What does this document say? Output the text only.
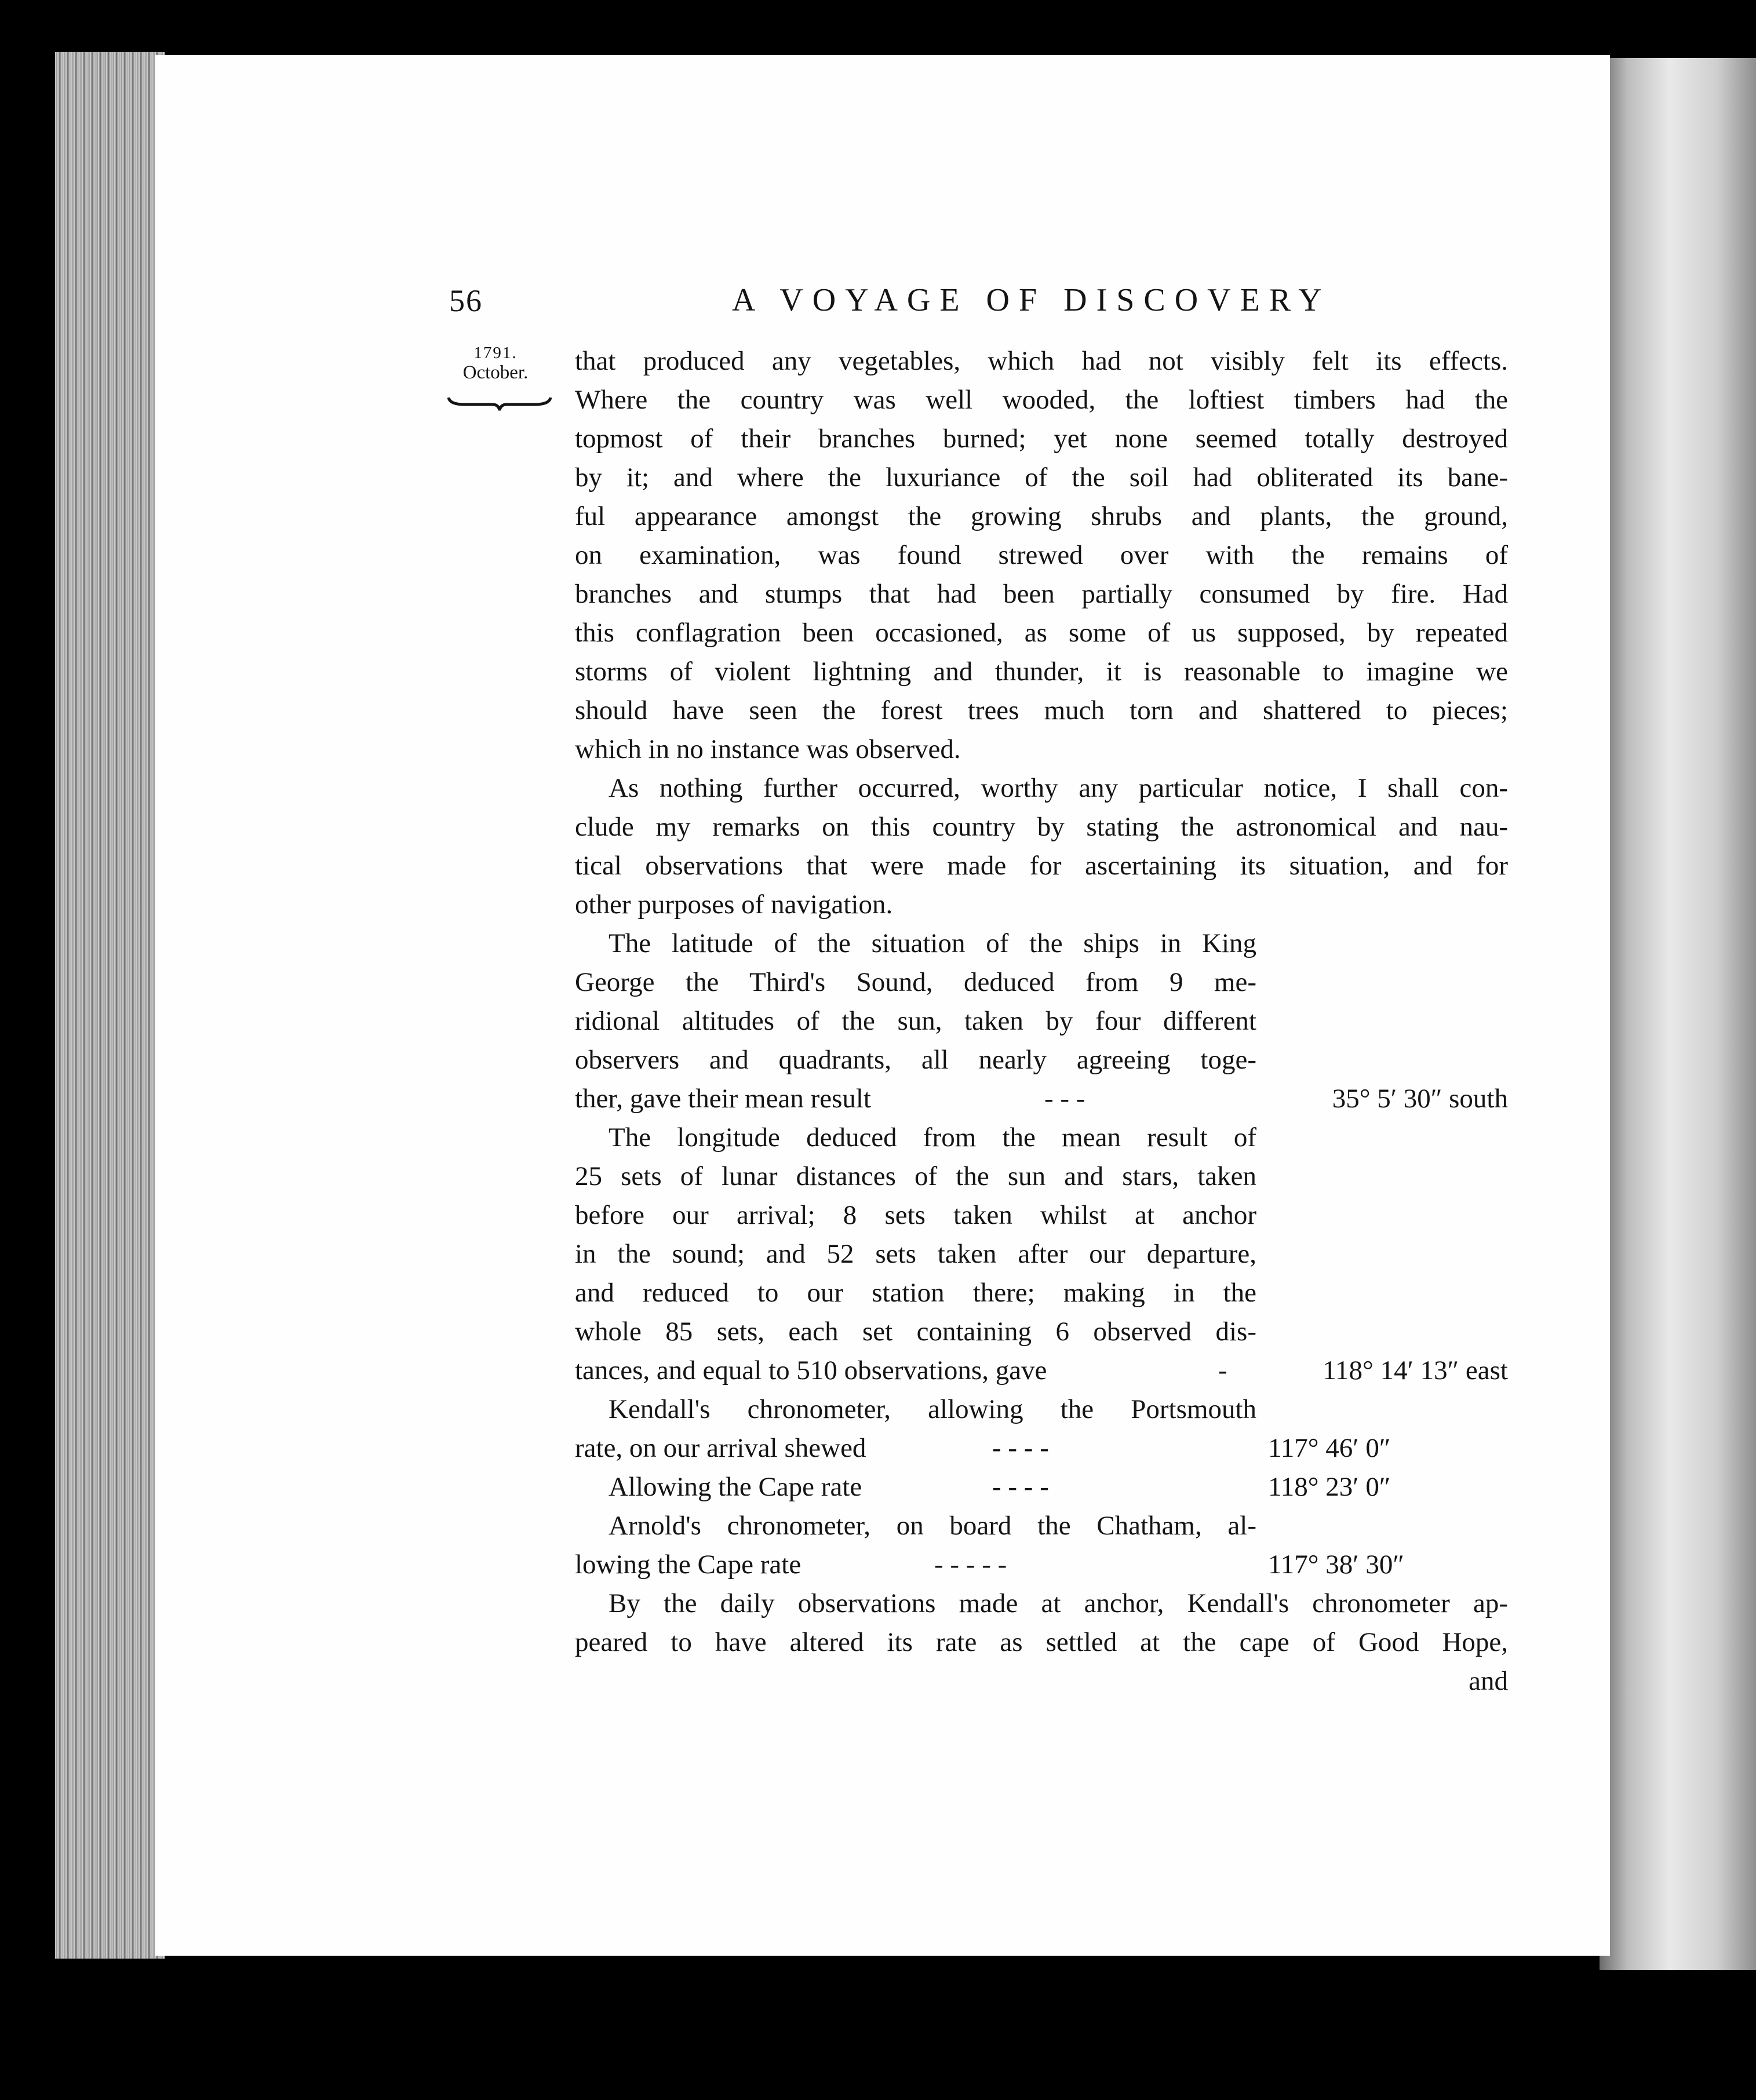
56	A VOYAGE OF DISCOVERY
1791.
October.	that produced any vegetables, which had not visibly felt its effects.
Where the country was well wooded, the loftiest timbers had the
topmost of their branches burned; yet none seemed totally destroyed
by it; and where the luxuriance of the soil had obliterated its bane-
ful appearance amongst the growing shrubs and plants, the ground,
on examination, was found strewed over with the remains of
branches and stumps that had been partially consumed by fire. Had
this conflagration been occasioned, as some of us supposed, by repeated
storms of violent lightning and thunder, it is reasonable to imagine we
should have seen the forest trees much torn and shattered to pieces;
which in no instance was observed.
As nothing further occurred, worthy any particular notice, I shall con-
clude my remarks on this country by stating the astronomical and nau-
tical observations that were made for ascertaining its situation, and for
other purposes of navigation.
The latitude of the situation of the ships in King
George the Third's Sound, deduced from 9 me-
ridional altitudes of the sun, taken by four different
observers and quadrants, all nearly agreeing toge-
ther, gave their mean result	- - -	35° 5′ 30″ south
The longitude deduced from the mean result of
25 sets of lunar distances of the sun and stars, taken
before our arrival; 8 sets taken whilst at anchor
in the sound; and 52 sets taken after our departure,
and reduced to our station there; making in the
whole 85 sets, each set containing 6 observed dis-
tances, and equal to 510 observations, gave	-	118° 14′ 13″ east
Kendall's chronometer, allowing the Portsmouth
rate, on our arrival shewed	- - - -	117° 46′ 0″
Allowing the Cape rate	- - - -	118° 23′ 0″
Arnold's chronometer, on board the Chatham, al-
lowing the Cape rate	- - - - -	117° 38′ 30″
By the daily observations made at anchor, Kendall's chronometer ap-
peared to have altered its rate as settled at the cape of Good Hope,
and
